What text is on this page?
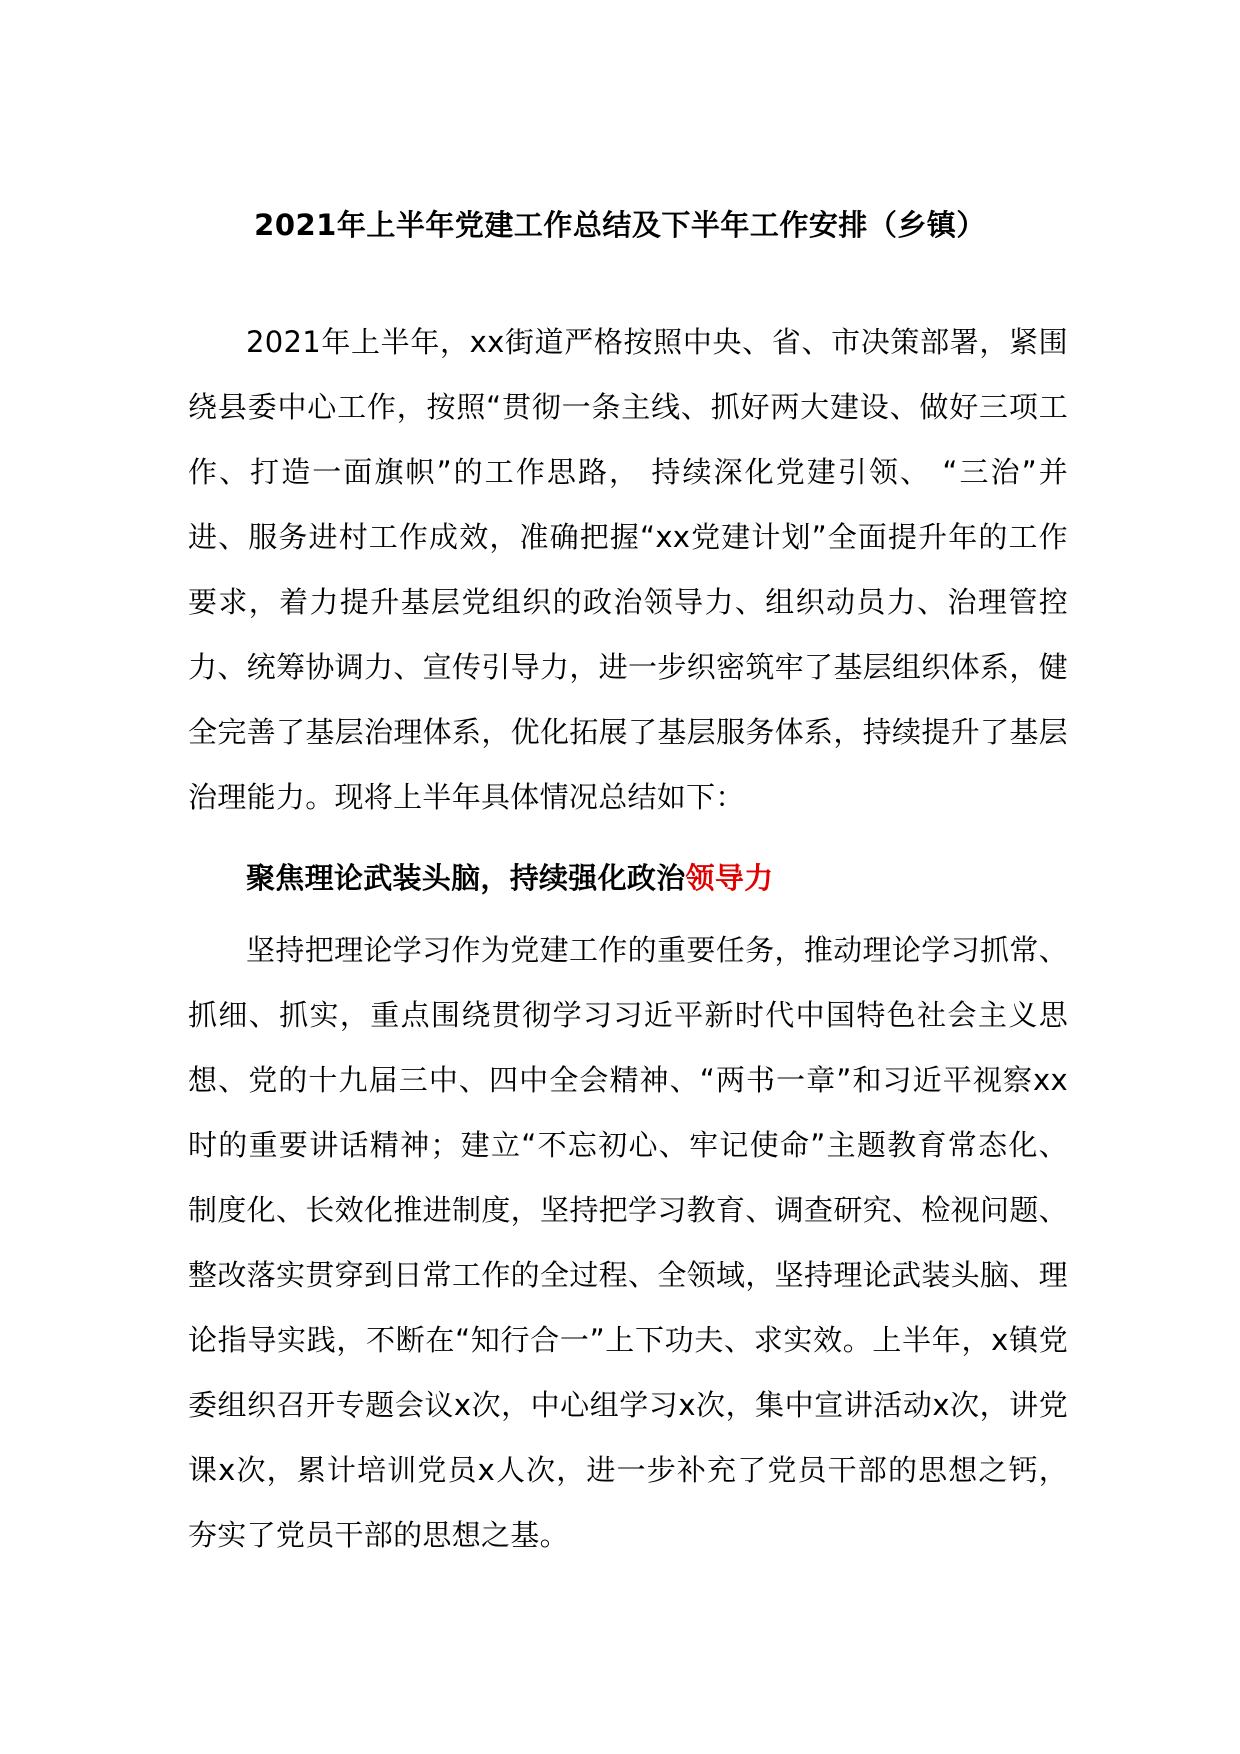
2021年上半年党建工作总结及下半年工作安排（乡镇）
2021年上半年，xx街道严格按照中央、省、市决策部署，紧围绕县委中心工作，按照“贯彻一条主线、抓好两大建设、做好三项工作、打造一面旗帜”的工作思路， 持续深化党建引领、 “三治”并进、服务进村工作成效，准确把握“xx党建计划”全面提升年的工作要求，着力提升基层党组织的政治领导力、组织动员力、治理管控力、统筹协调力、宣传引导力，进一步织密筑牢了基层组织体系，健全完善了基层治理体系，优化拓展了基层服务体系，持续提升了基层治理能力。现将上半年具体情况总结如下：
聚焦理论武装头脑，持续强化政治领导力
坚持把理论学习作为党建工作的重要任务，推动理论学习抓常、抓细、抓实，重点围绕贯彻学习习近平新时代中国特色社会主义思想、党的十九届三中、四中全会精神、“两书一章”和习近平视察xx时的重要讲话精神；建立“不忘初心、牢记使命”主题教育常态化、制度化、长效化推进制度，坚持把学习教育、调查研究、检视问题、整改落实贯穿到日常工作的全过程、全领域，坚持理论武装头脑、理论指导实践，不断在“知行合一”上下功夫、求实效。上半年，x镇党委组织召开专题会议x次，中心组学习x次，集中宣讲活动x次，讲党课x次，累计培训党员x人次，进一步补充了党员干部的思想之钙，夯实了党员干部的思想之基。
